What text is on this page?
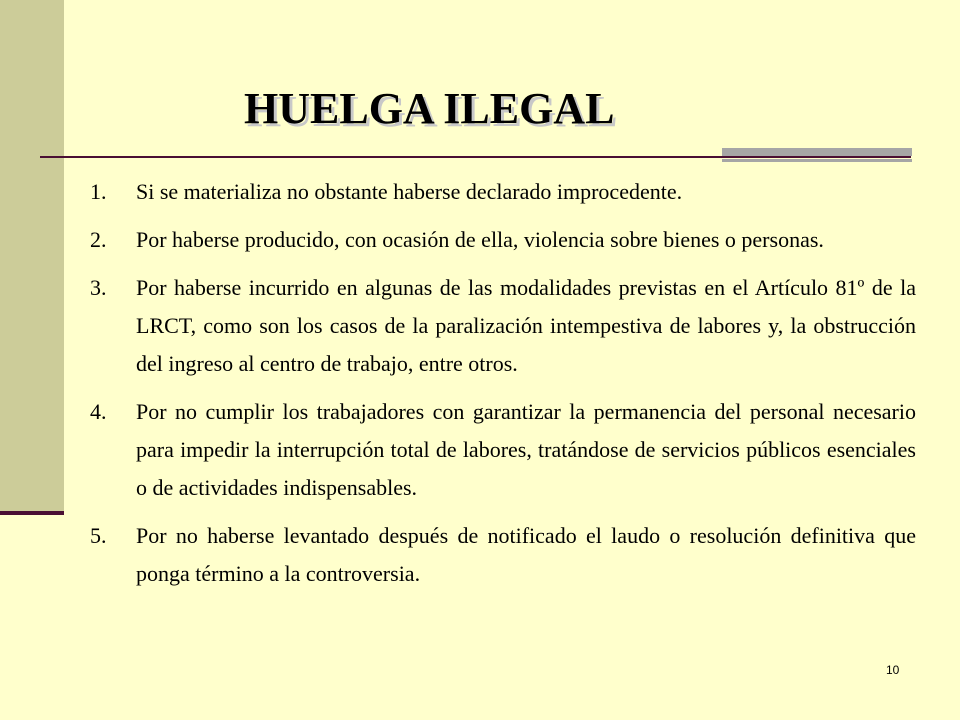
HUELGA ILEGAL
1.	Si se materializa no obstante haberse declarado improcedente.
2.	Por haberse producido, con ocasión de ella, violencia sobre bienes o personas.
3.	Por haberse incurrido en algunas de las modalidades previstas en el Artículo 81º de la LRCT, como son los casos de la paralización intempestiva de labores y, la obstrucción del ingreso al centro de trabajo, entre otros.
4.	Por no cumplir los trabajadores con garantizar la permanencia del personal necesario para impedir la interrupción total de labores, tratándose de servicios públicos esenciales o de actividades indispensables.
5.	Por no haberse levantado después de notificado el laudo o resolución definitiva que ponga término a la controversia.
10
